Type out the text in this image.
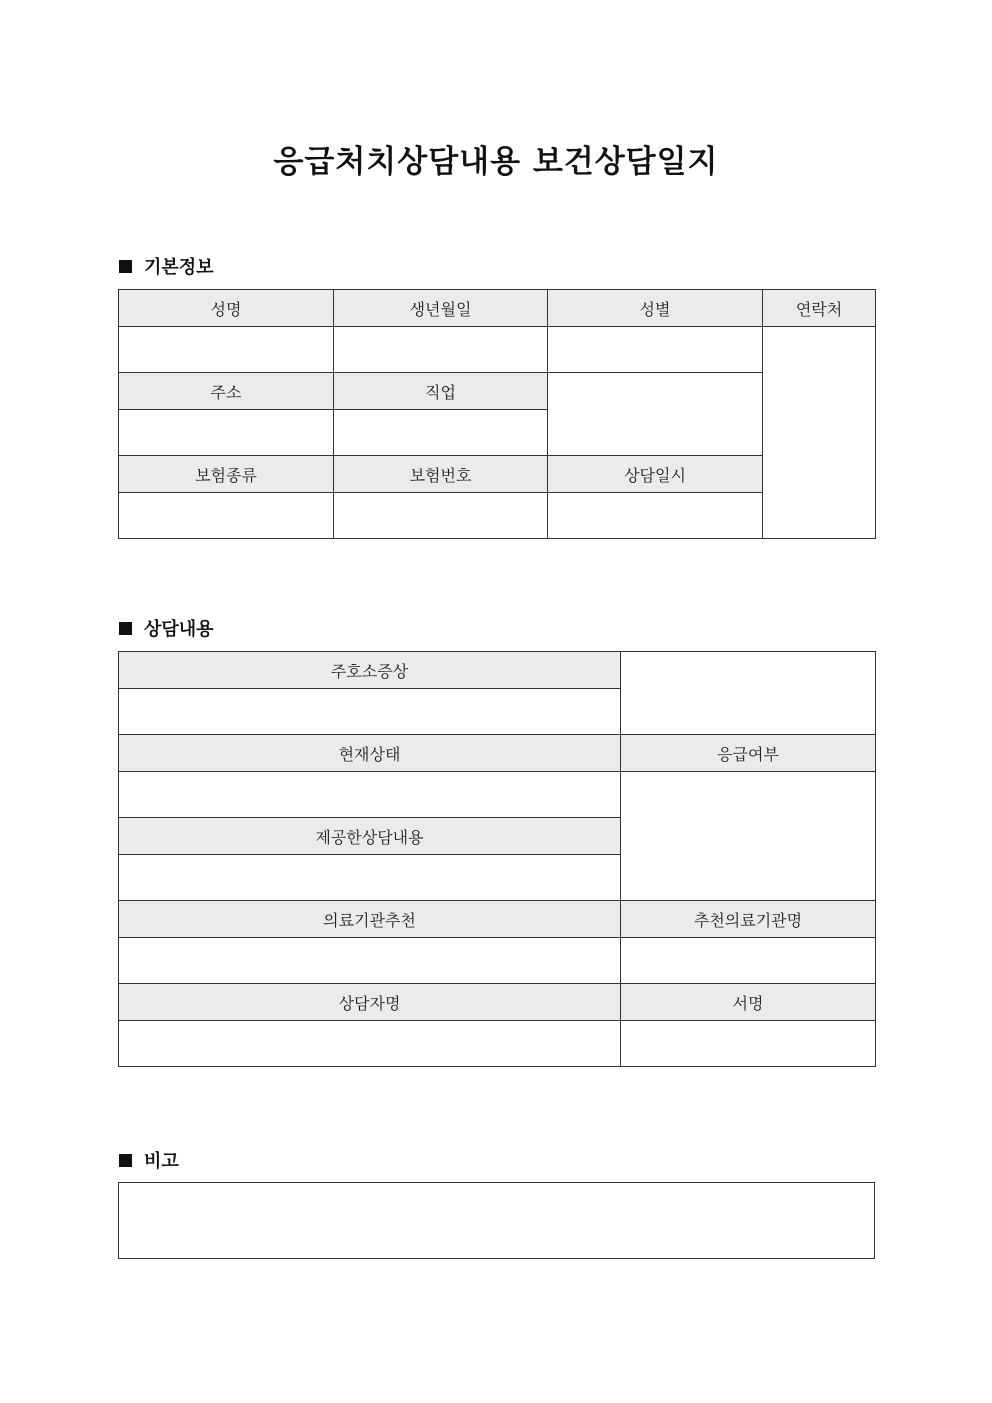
응급처치상담내용 보건상담일지
기본정보
성명	생년월일	성별	연락처

주소	직업		

보험종류	보험번호	상담일시	

상담내용
주호소증상	

현재상태	응급여부

제공한상담내용	

의료기관추천	추천의료기관명

상담자명	서명

비고
